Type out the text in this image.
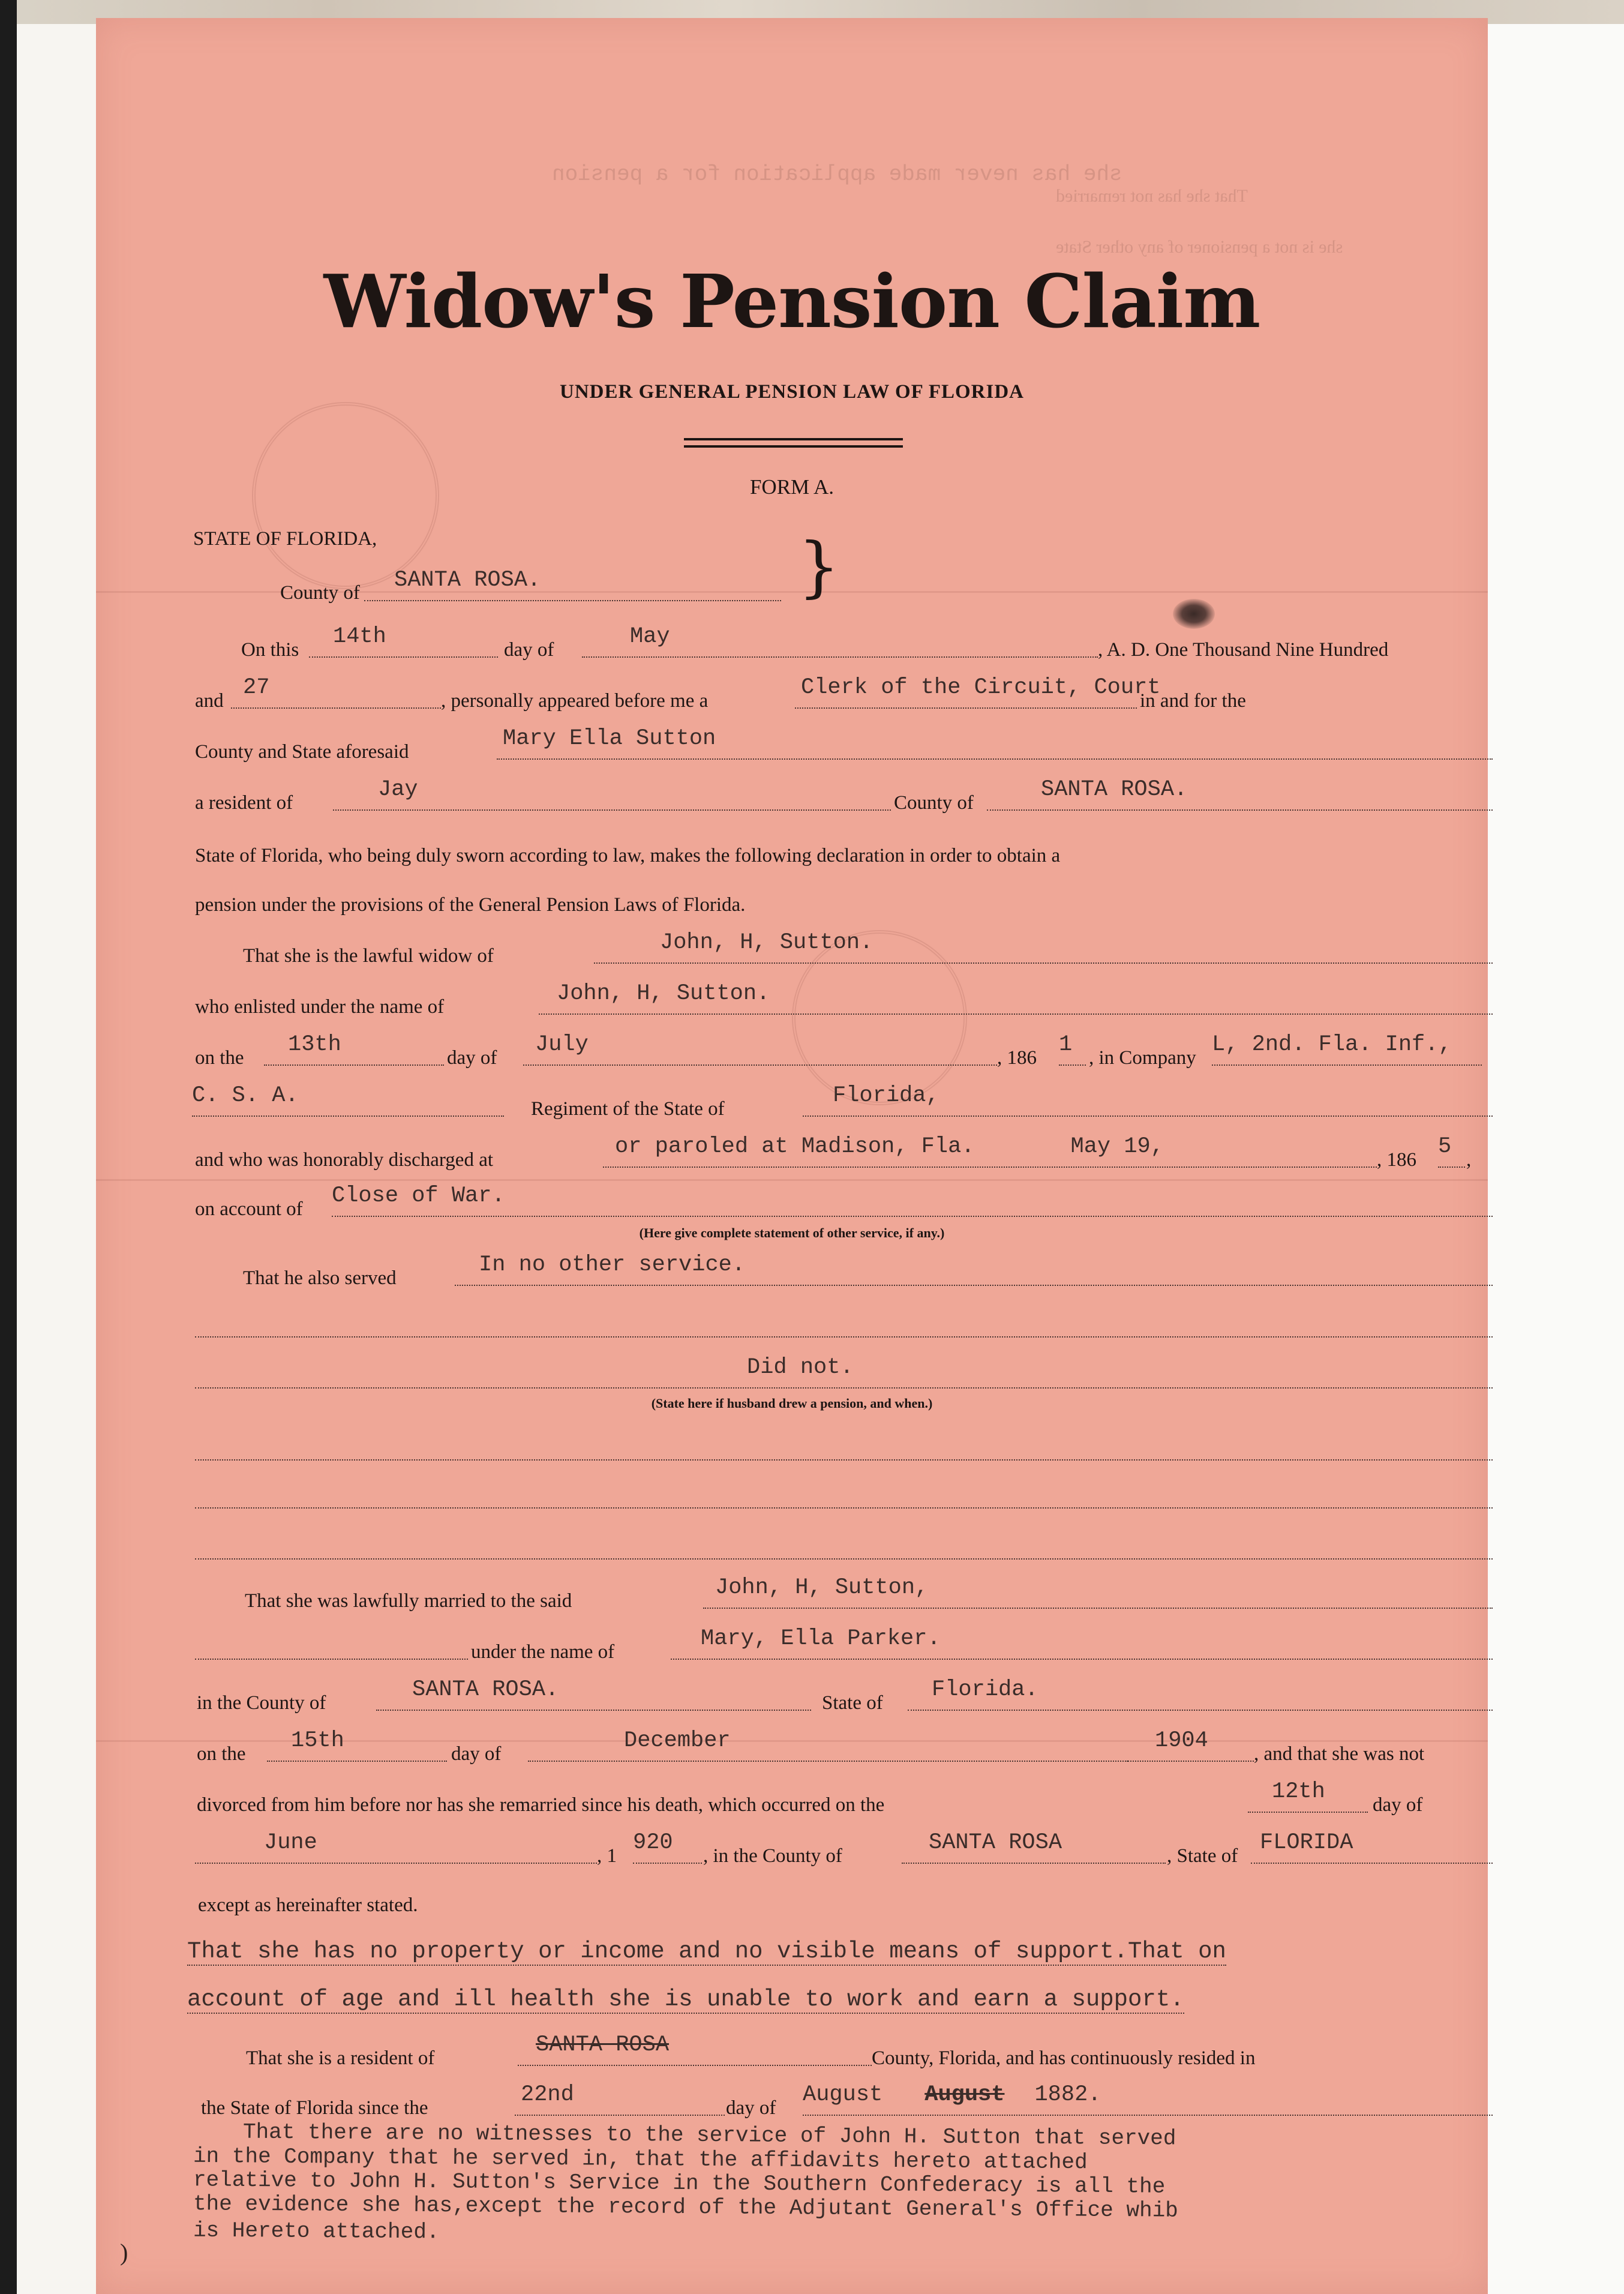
she has never made application for a pension
That she has not remarried
she is not a pensioner of any other State
Widow's Pension Claim
UNDER GENERAL PENSION LAW OF FLORIDA
FORM A.
STATE OF FLORIDA,
County of	SANTA ROSA.	}
On this
14th
day of
May
, A. D. One Thousand Nine Hundred
and
27
, personally appeared before me a
Clerk of the Circuit, Court
in and for the
County and State aforesaid
Mary Ella Sutton
a resident of
Jay
County of
SANTA ROSA.
State of Florida, who being duly sworn according to law, makes the following declaration in order to obtain a
pension under the provisions of the General Pension Laws of Florida.
That she is the lawful widow of
John, H, Sutton.
who enlisted under the name of
John, H, Sutton.
on the
13th
day of
July
, 186
1
, in Company
L, 2nd. Fla. Inf.,
C. S. A.
Regiment of the State of
Florida,
and who was honorably discharged at
or paroled at Madison, Fla.	May 19,
, 186
5
,
on account of
Close of War.
(Here give complete statement of other service, if any.)
That he also served
In no other service.
Did not.
(State here if husband drew a pension, and when.)
That she was lawfully married to the said
John, H, Sutton,
under the name of
Mary, Ella Parker.
in the County of
SANTA ROSA.
State of
Florida.
on the
15th
day of
December	1904
, and that she was not
divorced from him before nor has she remarried since his death, which occurred on the
12th
day of
June
, 1
920
, in the County of
SANTA ROSA
, State of
FLORIDA
except as hereinafter stated.
That she has no property or income and no visible means of support.That on
account of age and ill health she is unable to work and earn a support.
That she is a resident of
SANTA ROSA
County, Florida, and has continuously resided in
the State of Florida since the
22nd
day of
August August 1882.
That there are no witnesses to the service of John H. Sutton that served
in the Company that he served in, that the affidavits hereto attached
relative to John H. Sutton's Service in the Southern Confederacy is all the
the evidence she has,except the record of the Adjutant General's Office whib
is Hereto attached.
)
